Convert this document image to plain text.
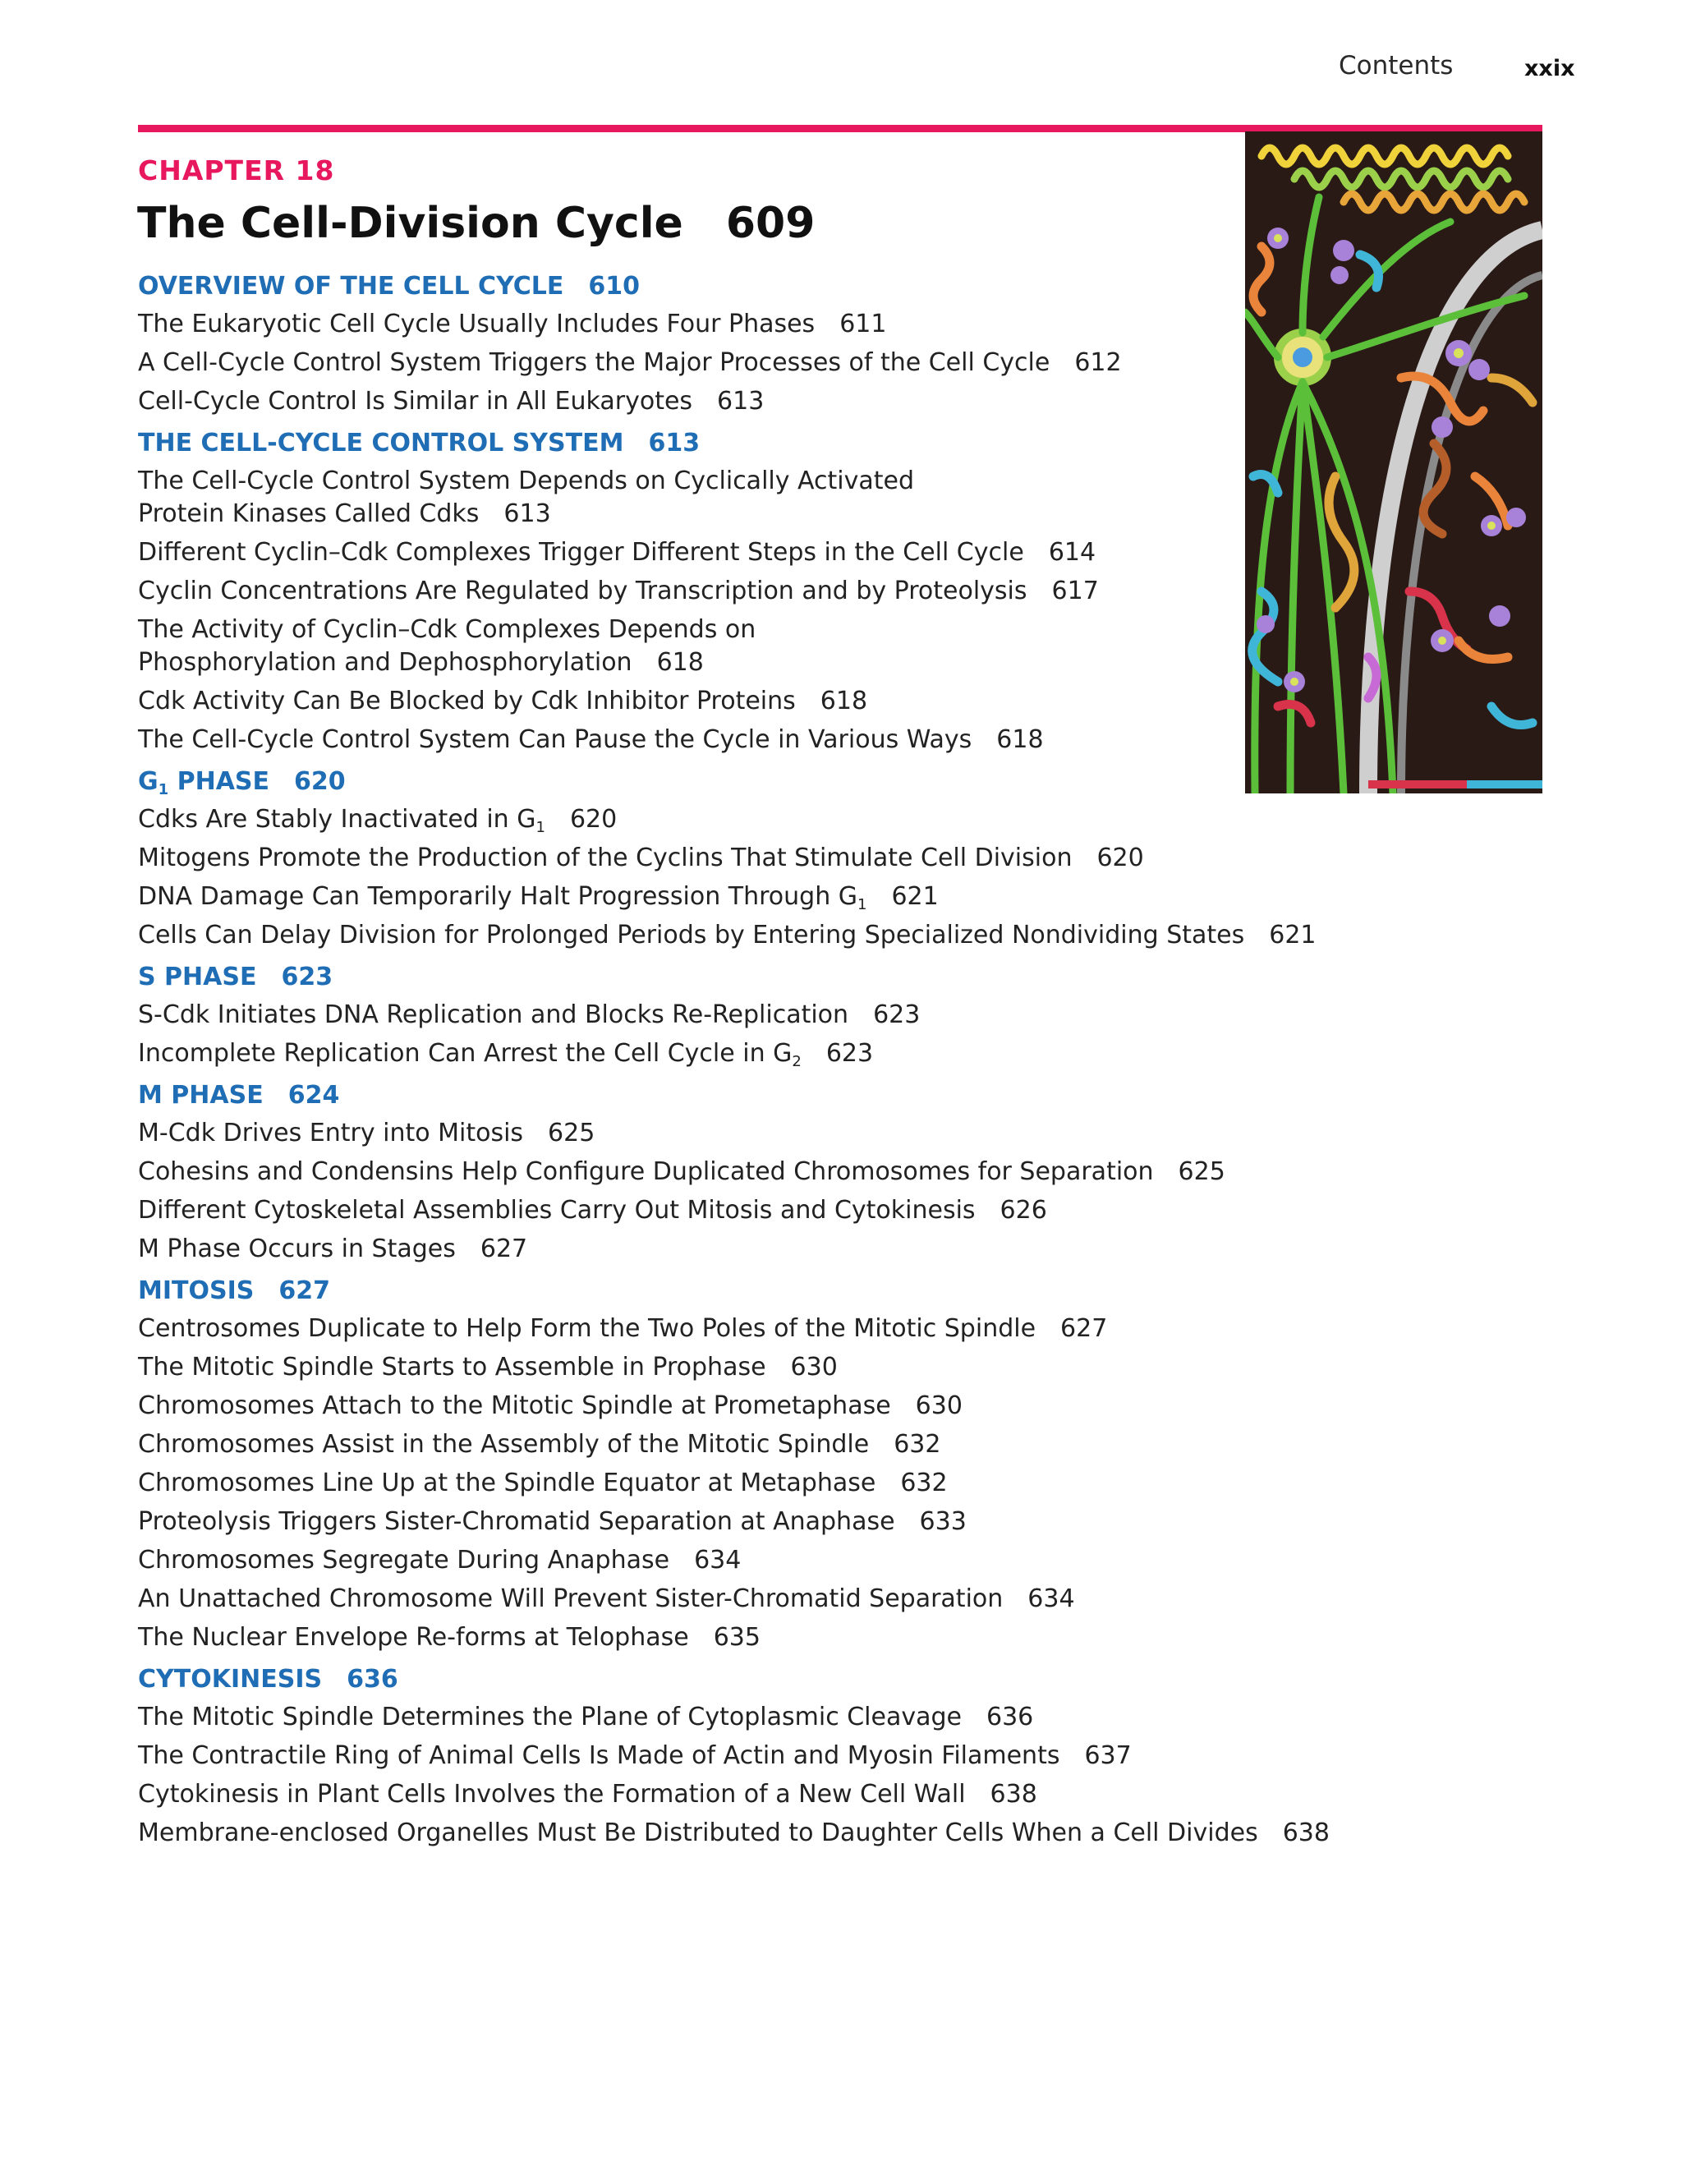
Contents	xxix
CHAPTER 18
The Cell-Division Cycle 609
OVERVIEW OF THE CELL CYCLE 610
The Eukaryotic Cell Cycle Usually Includes Four Phases 611
A Cell-Cycle Control System Triggers the Major Processes of the Cell Cycle 612
Cell-Cycle Control Is Similar in All Eukaryotes 613
THE CELL-CYCLE CONTROL SYSTEM 613
The Cell-Cycle Control System Depends on Cyclically Activated Protein Kinases Called Cdks 613
Different Cyclin–Cdk Complexes Trigger Different Steps in the Cell Cycle 614
Cyclin Concentrations Are Regulated by Transcription and by Proteolysis 617
The Activity of Cyclin–Cdk Complexes Depends on Phosphorylation and Dephosphorylation 618
Cdk Activity Can Be Blocked by Cdk Inhibitor Proteins 618
The Cell-Cycle Control System Can Pause the Cycle in Various Ways 618
$G_1$ PHASE 620
Cdks Are Stably Inactivated in $G_1$ 620
Mitogens Promote the Production of the Cyclins That Stimulate Cell Division 620
DNA Damage Can Temporarily Halt Progression Through $G_1$ 621
Cells Can Delay Division for Prolonged Periods by Entering Specialized Nondividing States 621
S PHASE 623
S-Cdk Initiates DNA Replication and Blocks Re-Replication 623
Incomplete Replication Can Arrest the Cell Cycle in $G_2$ 623
M PHASE 624
M-Cdk Drives Entry into Mitosis 625
Cohesins and Condensins Help Configure Duplicated Chromosomes for Separation 625
Different Cytoskeletal Assemblies Carry Out Mitosis and Cytokinesis 626
M Phase Occurs in Stages 627
MITOSIS 627
Centrosomes Duplicate to Help Form the Two Poles of the Mitotic Spindle 627
The Mitotic Spindle Starts to Assemble in Prophase 630
Chromosomes Attach to the Mitotic Spindle at Prometaphase 630
Chromosomes Assist in the Assembly of the Mitotic Spindle 632
Chromosomes Line Up at the Spindle Equator at Metaphase 632
Proteolysis Triggers Sister-Chromatid Separation at Anaphase 633
Chromosomes Segregate During Anaphase 634
An Unattached Chromosome Will Prevent Sister-Chromatid Separation 634
The Nuclear Envelope Re-forms at Telophase 635
CYTOKINESIS 636
The Mitotic Spindle Determines the Plane of Cytoplasmic Cleavage 636
The Contractile Ring of Animal Cells Is Made of Actin and Myosin Filaments 637
Cytokinesis in Plant Cells Involves the Formation of a New Cell Wall 638
Membrane-enclosed Organelles Must Be Distributed to Daughter Cells When a Cell Divides 638
